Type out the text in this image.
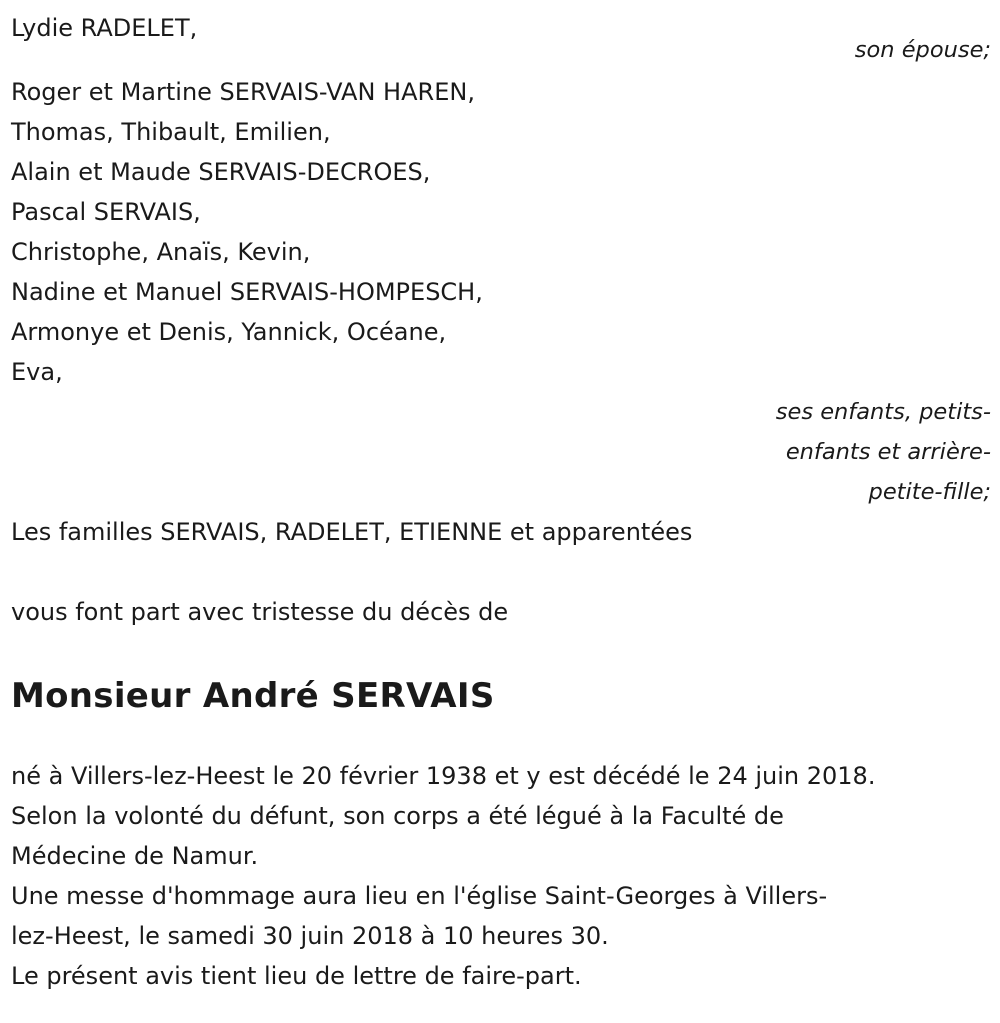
Lydie RADELET,
son épouse;
Roger et Martine SERVAIS-VAN HAREN,
Thomas, Thibault, Emilien,
Alain et Maude SERVAIS-DECROES,
Pascal SERVAIS,
Christophe, Anaïs, Kevin,
Nadine et Manuel SERVAIS-HOMPESCH,
Armonye et Denis, Yannick, Océane,
Eva,
ses enfants, petits-
enfants et arrière-
petite-fille;
Les familles SERVAIS, RADELET, ETIENNE et apparentées
vous font part avec tristesse du décès de
Monsieur André SERVAIS
né à Villers-lez-Heest le 20 février 1938 et y est décédé le 24 juin 2018.
Selon la volonté du défunt, son corps a été légué à la Faculté de
Médecine de Namur.
Une messe d'hommage aura lieu en l'église Saint-Georges à Villers-
lez-Heest, le samedi 30 juin 2018 à 10 heures 30.
Le présent avis tient lieu de lettre de faire-part.
